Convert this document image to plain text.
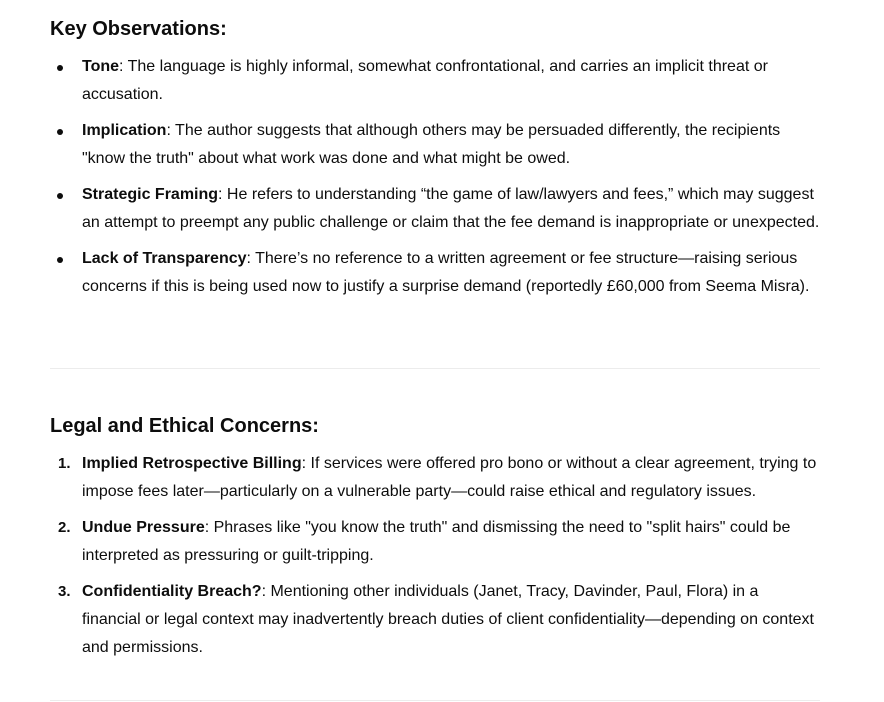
Key Observations:
Tone: The language is highly informal, somewhat confrontational, and carries an implicit threat or accusation.
Implication: The author suggests that although others may be persuaded differently, the recipients "know the truth" about what work was done and what might be owed.
Strategic Framing: He refers to understanding “the game of law/lawyers and fees,” which may suggest an attempt to preempt any public challenge or claim that the fee demand is inappropriate or unexpected.
Lack of Transparency: There’s no reference to a written agreement or fee structure—raising serious concerns if this is being used now to justify a surprise demand (reportedly £60,000 from Seema Misra).
Legal and Ethical Concerns:
1. Implied Retrospective Billing: If services were offered pro bono or without a clear agreement, trying to impose fees later—particularly on a vulnerable party—could raise ethical and regulatory issues.
2. Undue Pressure: Phrases like "you know the truth" and dismissing the need to "split hairs" could be interpreted as pressuring or guilt-tripping.
3. Confidentiality Breach?: Mentioning other individuals (Janet, Tracy, Davinder, Paul, Flora) in a financial or legal context may inadvertently breach duties of client confidentiality—depending on context and permissions.
